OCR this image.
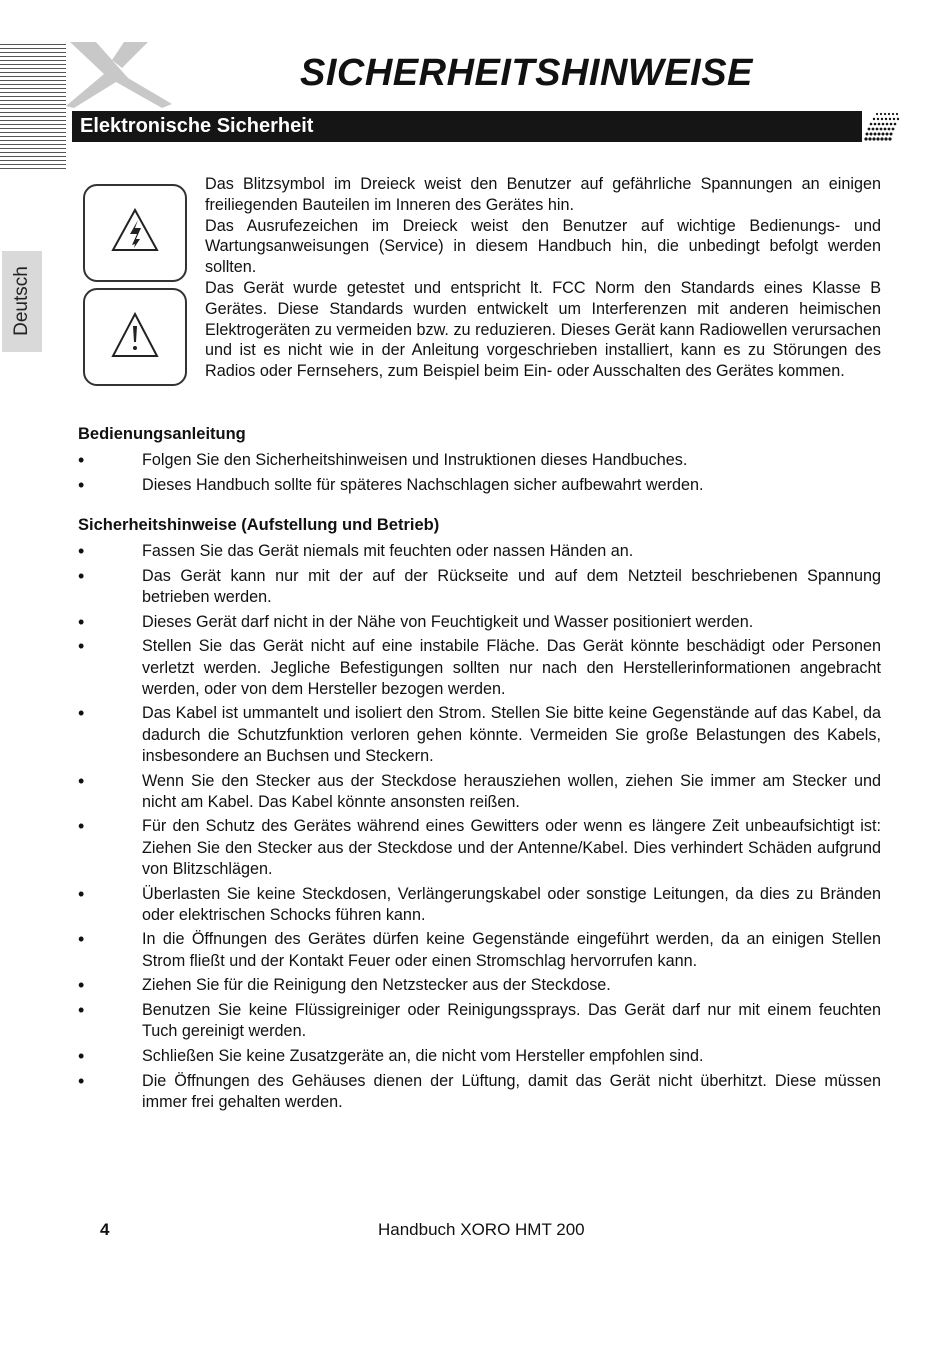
SICHERHEITSHINWEISE
Elektronische Sicherheit
Deutsch

Das Blitzsymbol im Dreieck weist den Benutzer auf gefährliche Spannungen an einigen freiliegenden Bauteilen im Inneren des Gerätes hin.

Das Ausrufezeichen im Dreieck weist den Benutzer auf wichtige Bedienungs- und Wartungsanweisungen (Service) in diesem Handbuch hin, die unbedingt befolgt werden sollten.

Das Gerät wurde getestet und entspricht lt. FCC Norm den Standards eines Klasse B Gerätes. Diese Standards wurden entwickelt um Interferenzen mit anderen heimischen Elektrogeräten zu vermeiden bzw. zu reduzieren. Dieses Gerät kann Radiowellen verursachen und ist es nicht wie in der Anleitung vorgeschrieben installiert, kann es zu Störungen des Radios oder Fernsehers, zum Beispiel beim Ein- oder Ausschalten des Gerätes kommen.

Bedienungsanleitung
• Folgen Sie den Sicherheitshinweisen und Instruktionen dieses Handbuches.
• Dieses Handbuch sollte für späteres Nachschlagen sicher aufbewahrt werden.
Sicherheitshinweise (Aufstellung und Betrieb)
• Fassen Sie das Gerät niemals mit feuchten oder nassen Händen an.
• Das Gerät kann nur mit der auf der Rückseite und auf dem Netzteil beschriebenen Spannung betrieben werden.
• Dieses Gerät darf nicht in der Nähe von Feuchtigkeit und Wasser positioniert werden.
• Stellen Sie das Gerät nicht auf eine instabile Fläche. Das Gerät könnte beschädigt oder Personen verletzt werden. Jegliche Befestigungen sollten nur nach den Herstellerinformationen angebracht werden, oder von dem Hersteller bezogen werden.
• Das Kabel ist ummantelt und isoliert den Strom. Stellen Sie bitte keine Gegenstände auf das Kabel, da dadurch die Schutzfunktion verloren gehen könnte. Vermeiden Sie große Belastungen des Kabels, insbesondere an Buchsen und Steckern.
• Wenn Sie den Stecker aus der Steckdose herausziehen wollen, ziehen Sie immer am Stecker und nicht am Kabel. Das Kabel könnte ansonsten reißen.
• Für den Schutz des Gerätes während eines Gewitters oder wenn es längere Zeit unbeaufsichtigt ist: Ziehen Sie den Stecker aus der Steckdose und der Antenne/Kabel. Dies verhindert Schäden aufgrund von Blitzschlägen.
• Überlasten Sie keine Steckdosen, Verlängerungskabel oder sonstige Leitungen, da dies zu Bränden oder elektrischen Schocks führen kann.
• In die Öffnungen des Gerätes dürfen keine Gegenstände eingeführt werden, da an einigen Stellen Strom fließt und der Kontakt Feuer oder einen Stromschlag hervorrufen kann.
• Ziehen Sie für die Reinigung den Netzstecker aus der Steckdose.
• Benutzen Sie keine Flüssigreiniger oder Reinigungssprays. Das Gerät darf nur mit einem feuchten Tuch gereinigt werden.
• Schließen Sie keine Zusatzgeräte an, die nicht vom Hersteller empfohlen sind.
• Die Öffnungen des Gehäuses dienen der Lüftung, damit das Gerät nicht überhitzt. Diese müssen immer frei gehalten werden.
4	Handbuch XORO HMT 200
